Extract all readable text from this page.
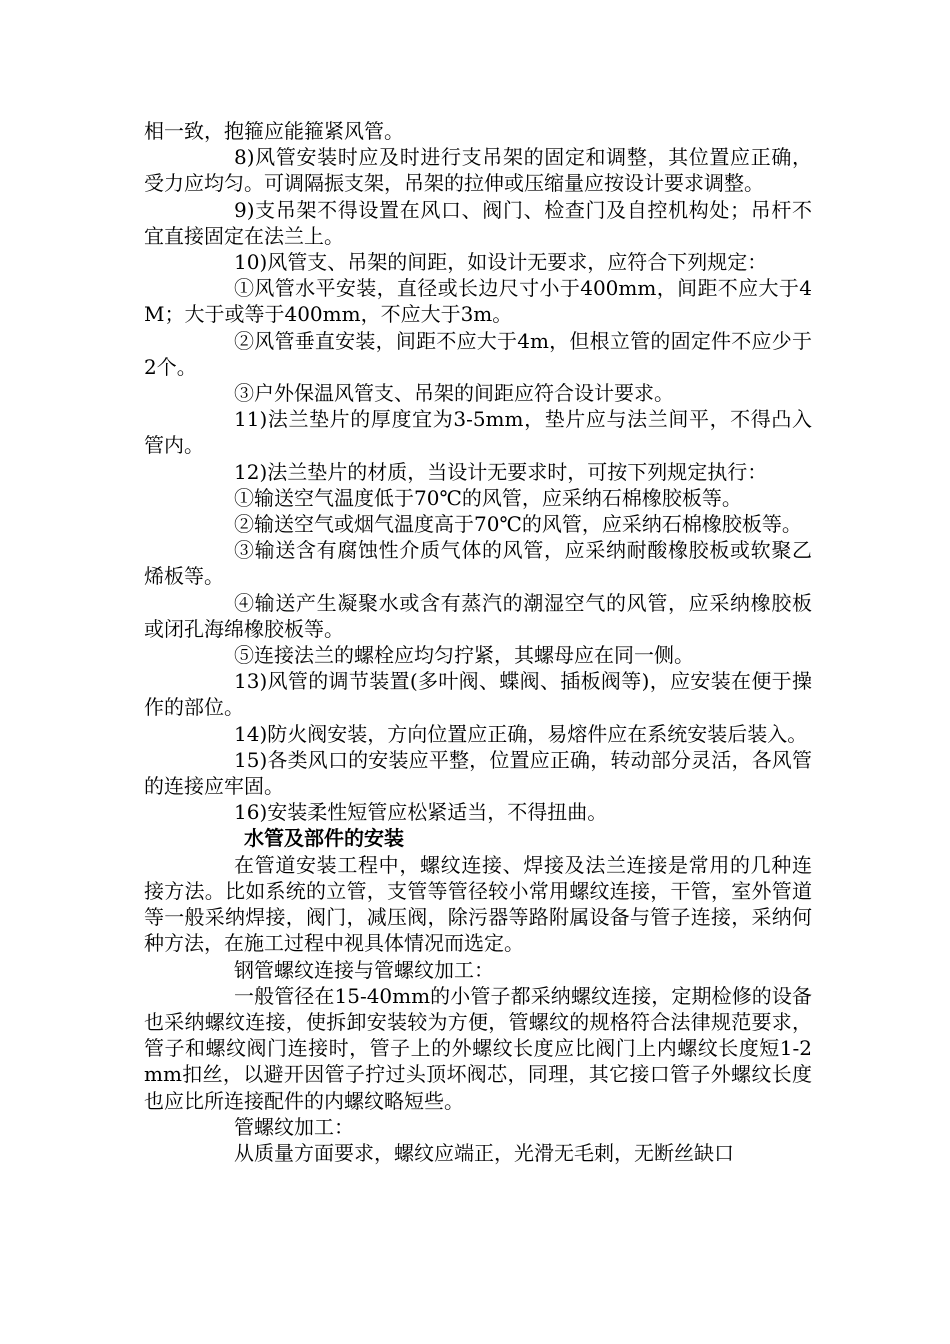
相一致，抱箍应能箍紧风管。

8)风管安装时应及时进行支吊架的固定和调整，其位置应正确，受力应均匀。可调隔振支架，吊架的拉伸或压缩量应按设计要求调整。

9)支吊架不得设置在风口、阀门、检查门及自控机构处；吊杆不宜直接固定在法兰上。

10)风管支、吊架的间距，如设计无要求，应符合下列规定：

①风管水平安装，直径或长边尺寸小于400mm，间距不应大于4M；大于或等于400mm，不应大于3m。

②风管垂直安装，间距不应大于4m，但根立管的固定件不应少于2个。

③户外保温风管支、吊架的间距应符合设计要求。

11)法兰垫片的厚度宜为3-5mm，垫片应与法兰间平，不得凸入管内。

12)法兰垫片的材质，当设计无要求时，可按下列规定执行：

①输送空气温度低于70℃的风管，应采纳石棉橡胶板等。

②输送空气或烟气温度高于70℃的风管，应采纳石棉橡胶板等。

③输送含有腐蚀性介质气体的风管，应采纳耐酸橡胶板或软聚乙烯板等。

④输送产生凝聚水或含有蒸汽的潮湿空气的风管，应采纳橡胶板或闭孔海绵橡胶板等。

⑤连接法兰的螺栓应均匀拧紧，其螺母应在同一侧。

13)风管的调节装置(多叶阀、蝶阀、插板阀等)，应安装在便于操作的部位。

14)防火阀安装，方向位置应正确，易熔件应在系统安装后装入。

15)各类风口的安装应平整，位置应正确，转动部分灵活，各风管的连接应牢固。

16)安装柔性短管应松紧适当，不得扭曲。

水管及部件的安装

在管道安装工程中，螺纹连接、焊接及法兰连接是常用的几种连接方法。比如系统的立管，支管等管径较小常用螺纹连接，干管，室外管道等一般采纳焊接，阀门，减压阀，除污器等路附属设备与管子连接，采纳何种方法，在施工过程中视具体情况而选定。

钢管螺纹连接与管螺纹加工：

一般管径在15-40mm的小管子都采纳螺纹连接，定期检修的设备也采纳螺纹连接，使拆卸安装较为方便，管螺纹的规格符合法律规范要求，管子和螺纹阀门连接时，管子上的外螺纹长度应比阀门上内螺纹长度短1-2mm扣丝，以避开因管子拧过头顶坏阀芯，同理，其它接口管子外螺纹长度也应比所连接配件的内螺纹略短些。

管螺纹加工：

从质量方面要求，螺纹应端正，光滑无毛刺，无断丝缺口
